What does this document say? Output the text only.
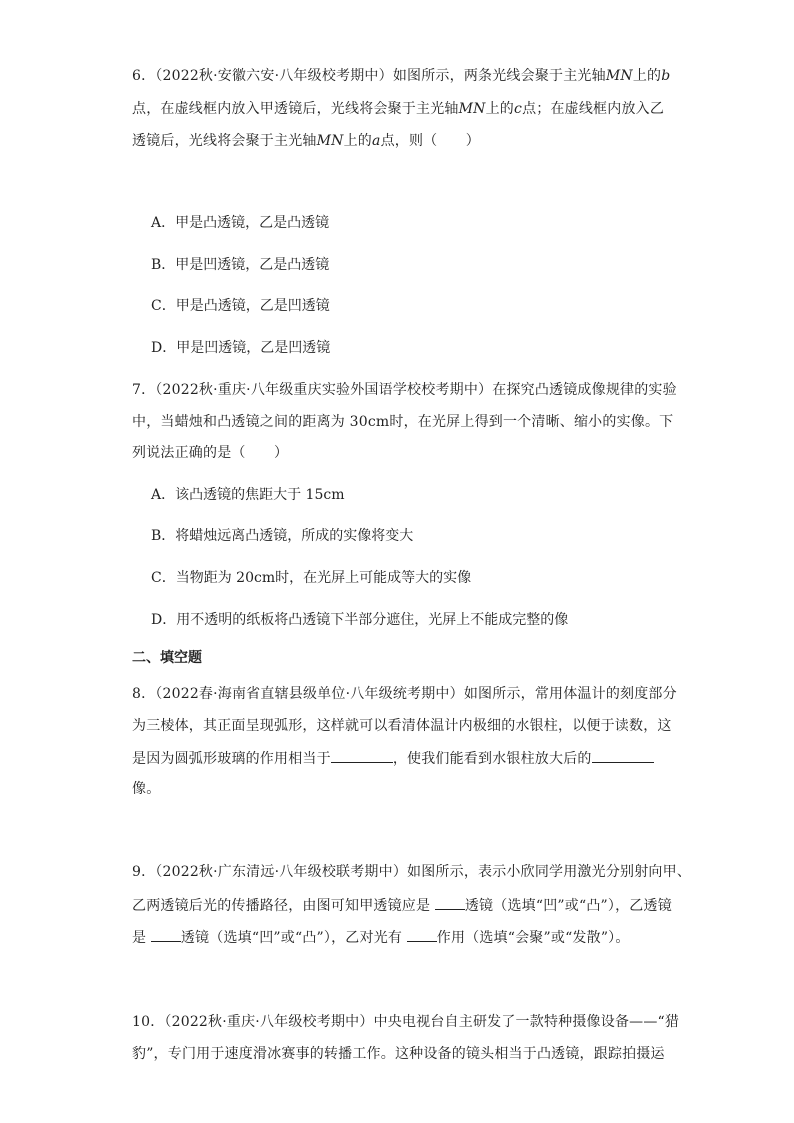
6．（2022秋·安徽六安·八年级校考期中）如图所示，两条光线会聚于主光轴MN上的b
点，在虚线框内放入甲透镜后，光线将会聚于主光轴MN上的c点；在虚线框内放入乙
透镜后，光线将会聚于主光轴MN上的a点，则（　　）
A．甲是凸透镜，乙是凸透镜
B．甲是凹透镜，乙是凸透镜
C．甲是凸透镜，乙是凹透镜
D．甲是凹透镜，乙是凹透镜
7．（2022秋·重庆·八年级重庆实验外国语学校校考期中）在探究凸透镜成像规律的实验
中，当蜡烛和凸透镜之间的距离为 30cm时，在光屏上得到一个清晰、缩小的实像。下
列说法正确的是（　　）
A．该凸透镜的焦距大于 15cm
B．将蜡烛远离凸透镜，所成的实像将变大
C．当物距为 20cm时，在光屏上可能成等大的实像
D．用不透明的纸板将凸透镜下半部分遮住，光屏上不能成完整的像
二、填空题
8．（2022春·海南省直辖县级单位·八年级统考期中）如图所示，常用体温计的刻度部分
为三棱体，其正面呈现弧形，这样就可以看清体温计内极细的水银柱，以便于读数，这
是因为圆弧形玻璃的作用相当于	，使我们能看到水银柱放大后的
像。
9．（2022秋·广东清远·八年级校联考期中）如图所示，表示小欣同学用激光分别射向甲、
乙两透镜后光的传播路径，由图可知甲透镜应是 透镜（选填“凹”或“凸”），乙透镜
是 透镜（选填“凹”或“凸”），乙对光有 作用（选填“会聚”或“发散”）。
10．（2022秋·重庆·八年级校考期中）中央电视台自主研发了一款特种摄像设备——“猎
豹”，专门用于速度滑冰赛事的转播工作。这种设备的镜头相当于凸透镜，跟踪拍摄运
